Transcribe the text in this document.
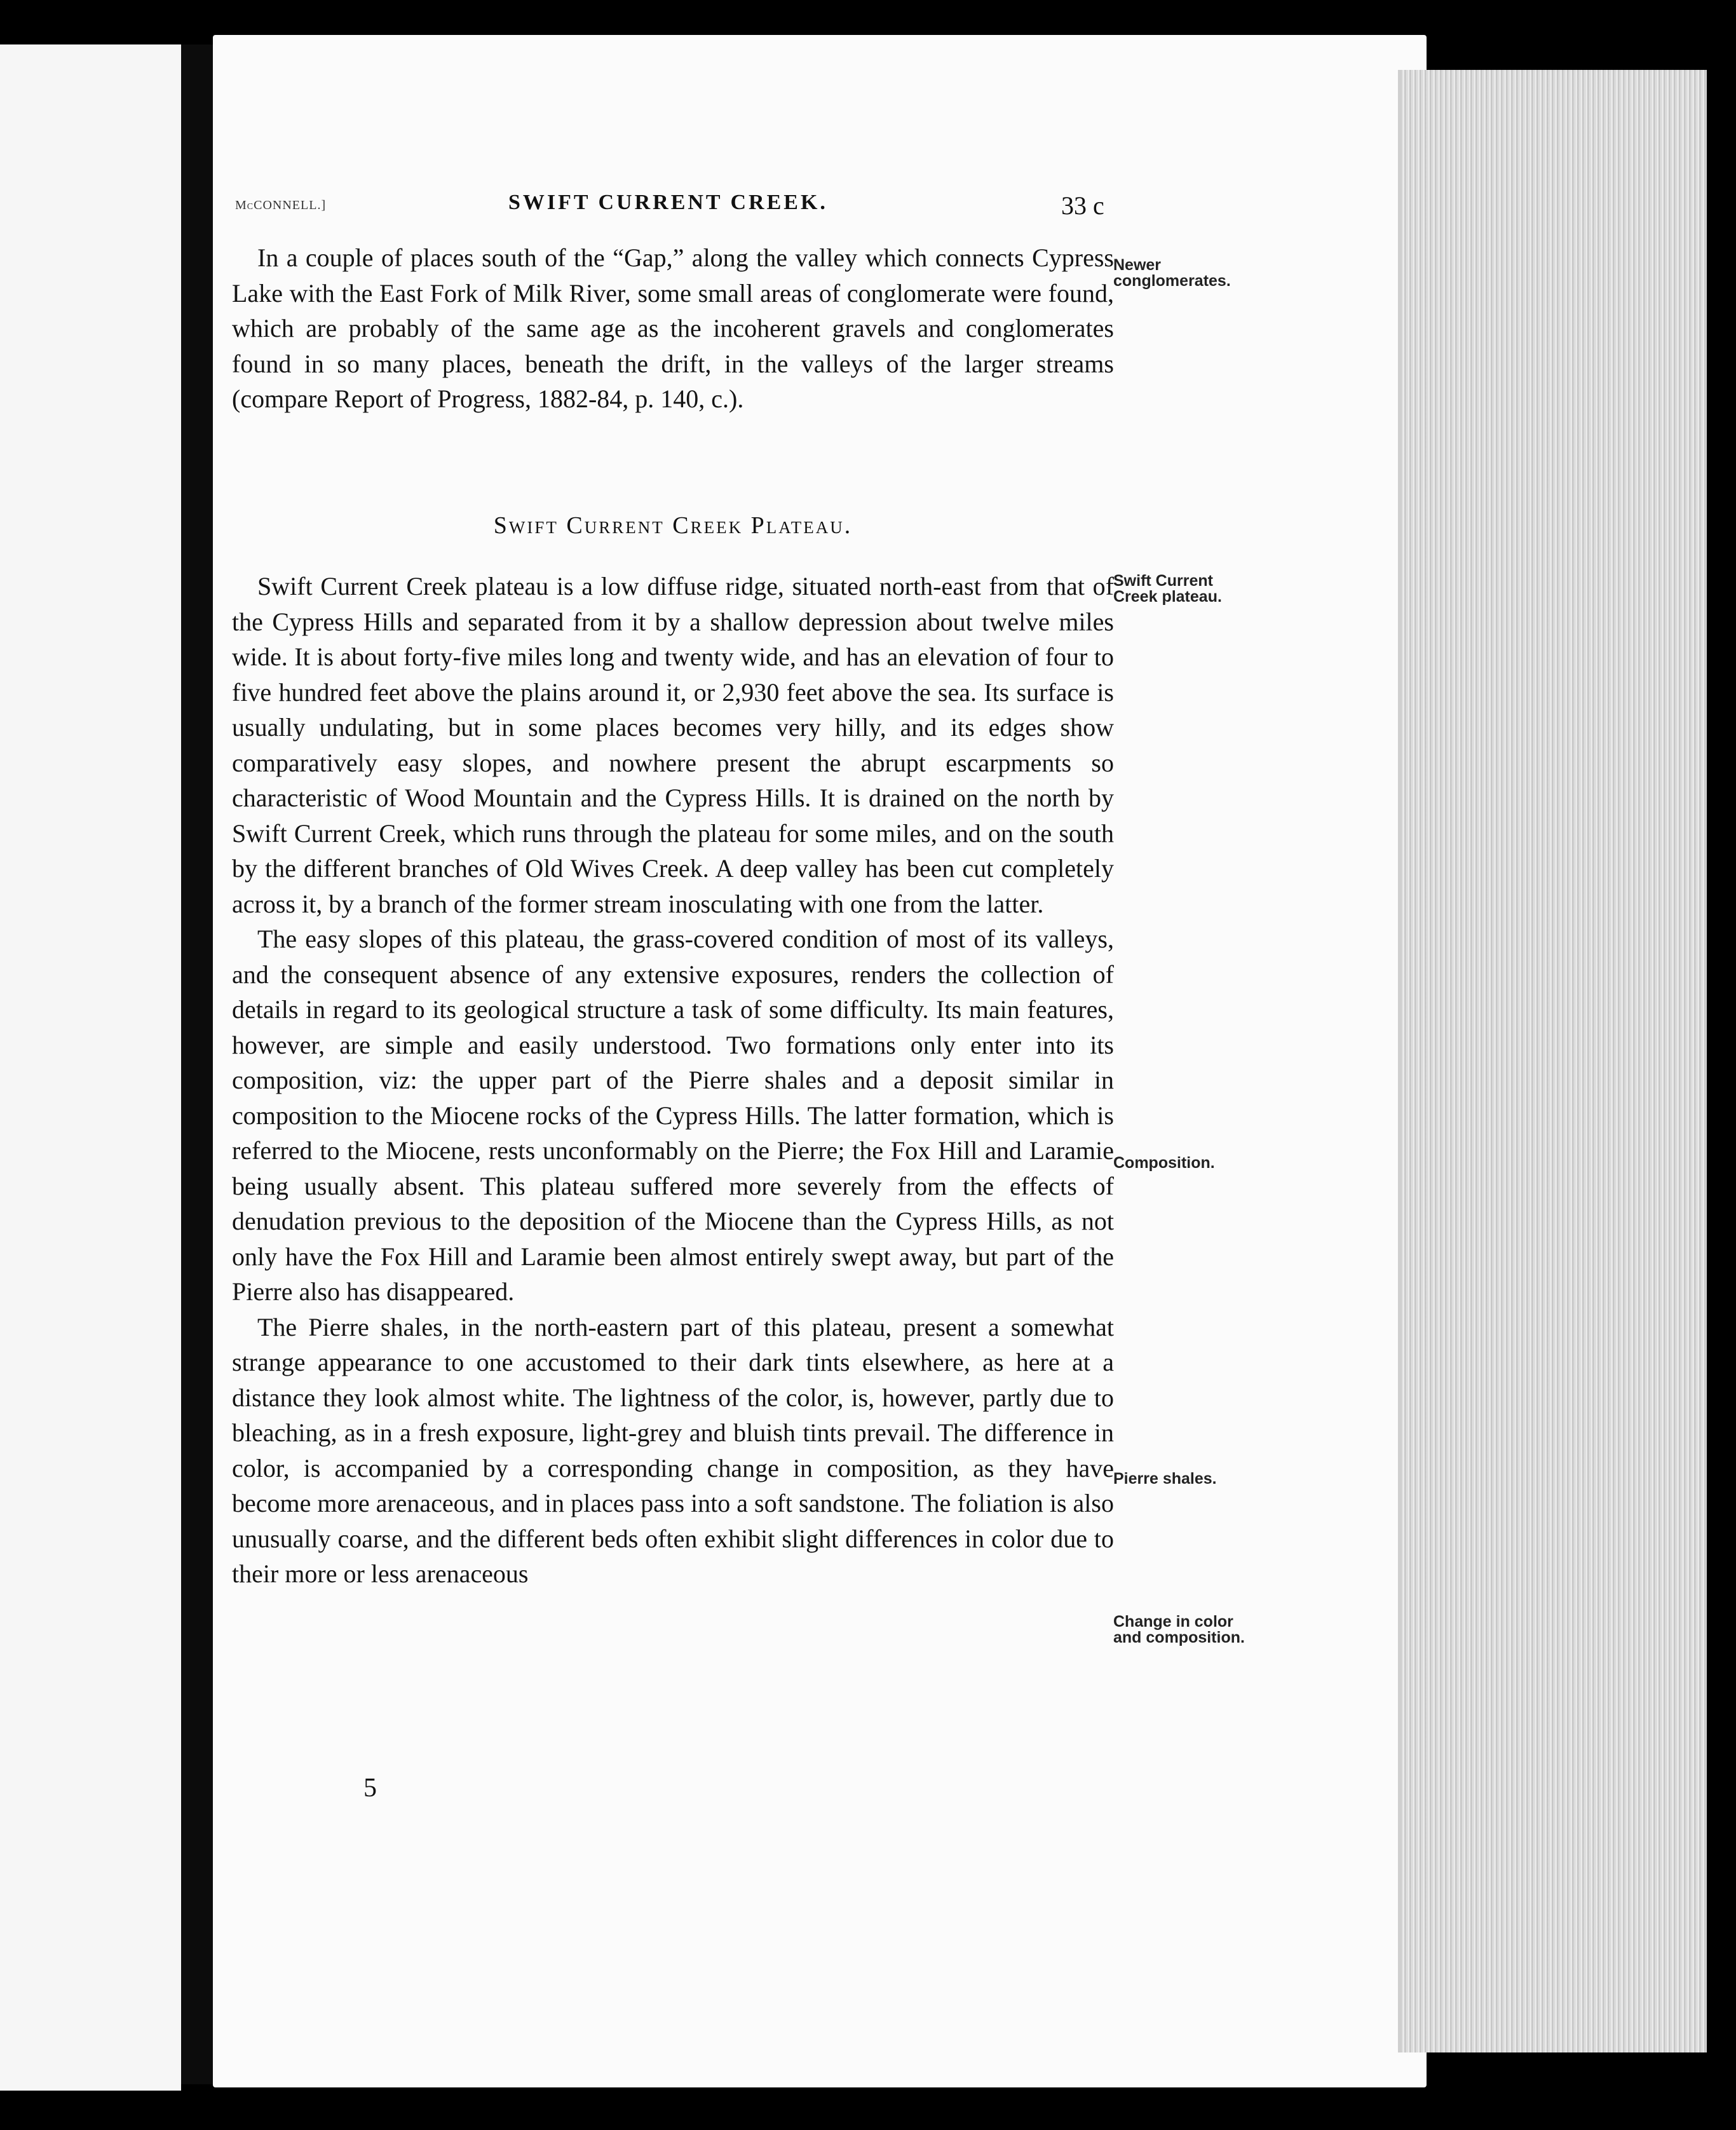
McCONNELL.]	SWIFT CURRENT CREEK.	33 c

In a couple of places south of the “Gap,” along the valley which connects Cypress Lake with the East Fork of Milk River, some small areas of conglomerate were found, which are probably of the same age as the incoherent gravels and conglomerates found in so many places, beneath the drift, in the valleys of the larger streams (compare Report of Progress, 1882-84, p. 140, c.).

Swift Current Creek Plateau.

Swift Current Creek plateau is a low diffuse ridge, situated north-east from that of the Cypress Hills and separated from it by a shallow depression about twelve miles wide. It is about forty-five miles long and twenty wide, and has an elevation of four to five hundred feet above the plains around it, or 2,930 feet above the sea. Its surface is usually undulating, but in some places becomes very hilly, and its edges show comparatively easy slopes, and nowhere present the abrupt escarpments so characteristic of Wood Mountain and the Cypress Hills. It is drained on the north by Swift Current Creek, which runs through the plateau for some miles, and on the south by the different branches of Old Wives Creek. A deep valley has been cut completely across it, by a branch of the former stream inosculating with one from the latter.

The easy slopes of this plateau, the grass-covered condition of most of its valleys, and the consequent absence of any extensive exposures, renders the collection of details in regard to its geological structure a task of some difficulty. Its main features, however, are simple and easily understood. Two formations only enter into its composition, viz: the upper part of the Pierre shales and a deposit similar in composition to the Miocene rocks of the Cypress Hills. The latter formation, which is referred to the Miocene, rests unconformably on the Pierre; the Fox Hill and Laramie being usually absent. This plateau suffered more severely from the effects of denudation previous to the deposition of the Miocene than the Cypress Hills, as not only have the Fox Hill and Laramie been almost entirely swept away, but part of the Pierre also has disappeared.

The Pierre shales, in the north-eastern part of this plateau, present a somewhat strange appearance to one accustomed to their dark tints elsewhere, as here at a distance they look almost white. The lightness of the color, is, however, partly due to bleaching, as in a fresh exposure, light-grey and bluish tints prevail. The difference in color, is accompanied by a corresponding change in composition, as they have become more arenaceous, and in places pass into a soft sandstone. The foliation is also unusually coarse, and the different beds often exhibit slight differences in color due to their more or less arenaceous

Newer conglomerates.
Swift Current Creek plateau.
Composition.
Pierre shales.
Change in color and composition.
5
